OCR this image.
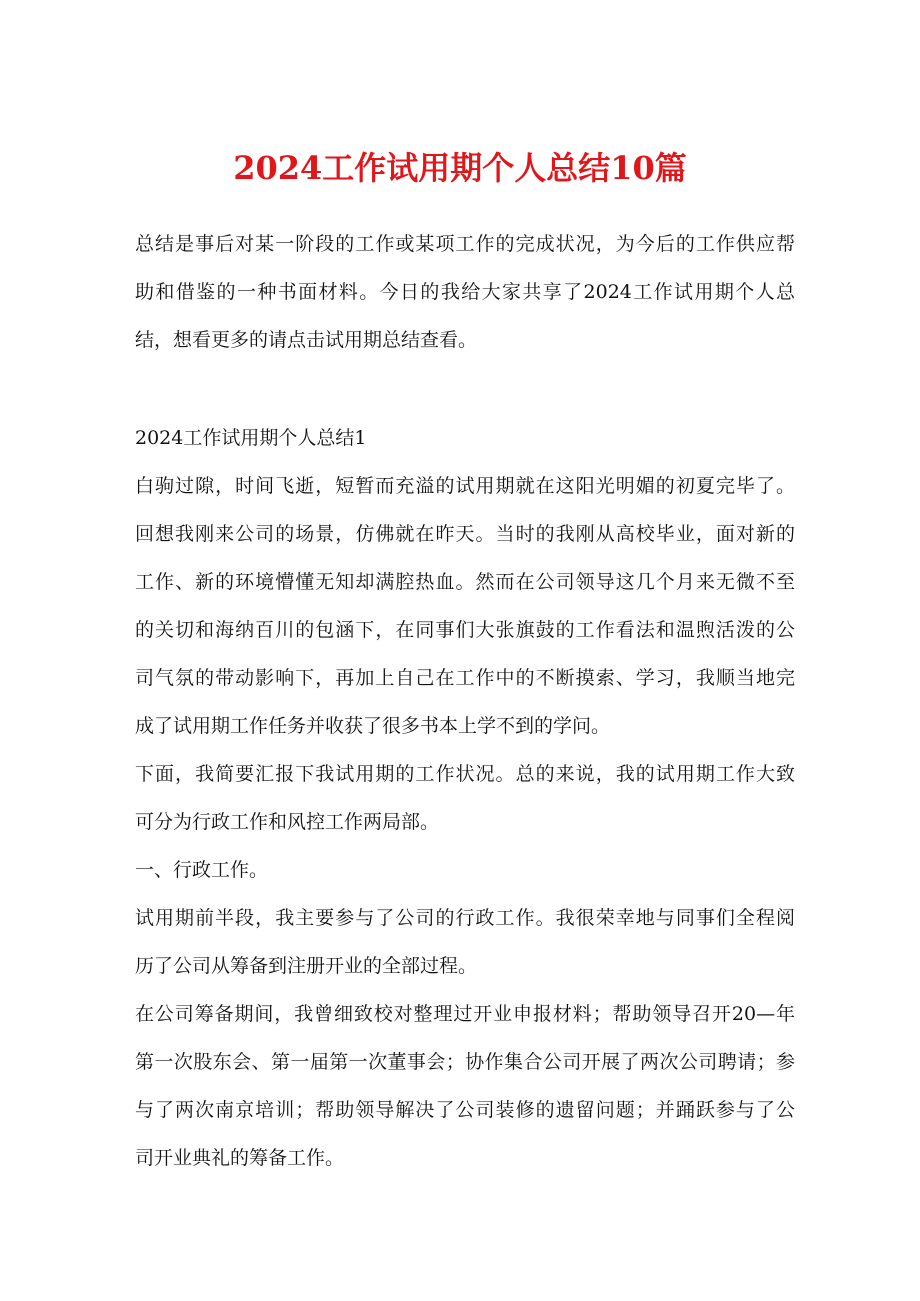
2024工作试用期个人总结10篇

总结是事后对某一阶段的工作或某项工作的完成状况，为今后的工作供应帮

助和借鉴的一种书面材料。今日的我给大家共享了2024工作试用期个人总

结，想看更多的请点击试用期总结查看。

2024工作试用期个人总结1

白驹过隙，时间飞逝，短暂而充溢的试用期就在这阳光明媚的初夏完毕了。

回想我刚来公司的场景，仿佛就在昨天。当时的我刚从高校毕业，面对新的

工作、新的环境懵懂无知却满腔热血。然而在公司领导这几个月来无微不至

的关切和海纳百川的包涵下，在同事们大张旗鼓的工作看法和温煦活泼的公

司气氛的带动影响下，再加上自己在工作中的不断摸索、学习，我顺当地完

成了试用期工作任务并收获了很多书本上学不到的学问。

下面，我简要汇报下我试用期的工作状况。总的来说，我的试用期工作大致

可分为行政工作和风控工作两局部。

一、行政工作。

试用期前半段，我主要参与了公司的行政工作。我很荣幸地与同事们全程阅

历了公司从筹备到注册开业的全部过程。

在公司筹备期间，我曾细致校对整理过开业申报材料；帮助领导召开20—年

第一次股东会、第一届第一次董事会；协作集合公司开展了两次公司聘请；参

与了两次南京培训；帮助领导解决了公司装修的遗留问题；并踊跃参与了公

司开业典礼的筹备工作。
